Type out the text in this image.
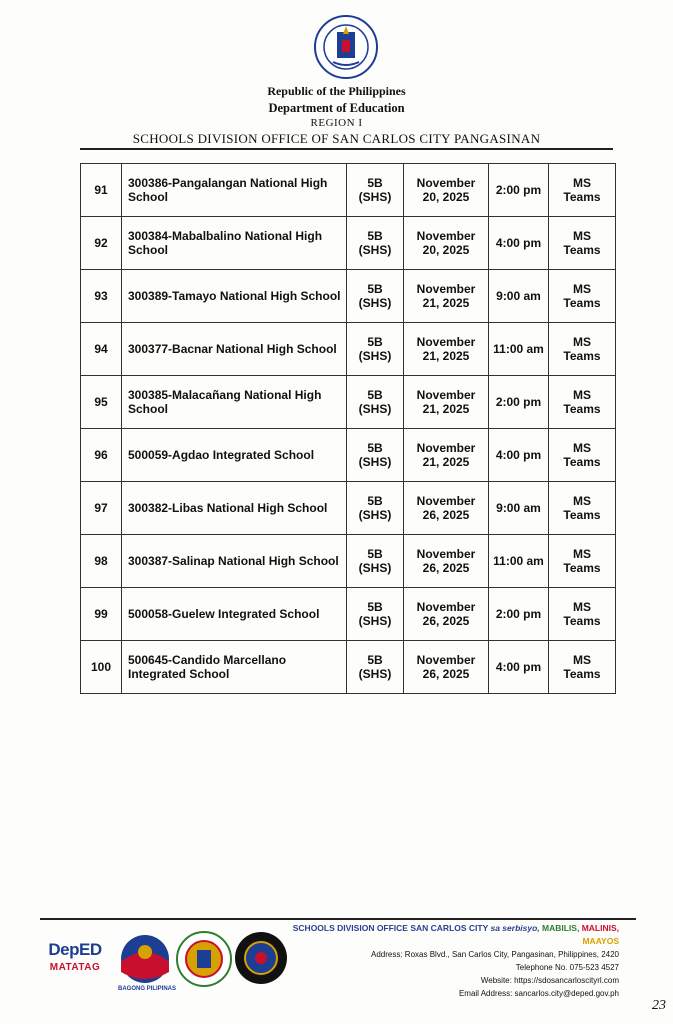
Republic of the Philippines
Department of Education
REGION I
SCHOOLS DIVISION OFFICE OF SAN CARLOS CITY PANGASINAN
91	300386-Pangalangan National High School	5B (SHS)	November 20, 2025	2:00 pm	MS Teams
92	300384-Mabalbalino National High School	5B (SHS)	November 20, 2025	4:00 pm	MS Teams
93	300389-Tamayo National High School	5B (SHS)	November 21, 2025	9:00 am	MS Teams
94	300377-Bacnar National High School	5B (SHS)	November 21, 2025	11:00 am	MS Teams
95	300385-Malacañang National High School	5B (SHS)	November 21, 2025	2:00 pm	MS Teams
96	500059-Agdao Integrated School	5B (SHS)	November 21, 2025	4:00 pm	MS Teams
97	300382-Libas National High School	5B (SHS)	November 26, 2025	9:00 am	MS Teams
98	300387-Salinap National High School	5B (SHS)	November 26, 2025	11:00 am	MS Teams
99	500058-Guelew Integrated School	5B (SHS)	November 26, 2025	2:00 pm	MS Teams
100	500645-Candido Marcellano Integrated School	5B (SHS)	November 26, 2025	4:00 pm	MS Teams
DepED
MATATAG
BAGONG PILIPINAS
SCHOOLS DIVISION OFFICE SAN CARLOS CITY sa serbisyo, MABILIS, MALINIS, MAAYOS
Address: Roxas Blvd., San Carlos City, Pangasinan, Philippines, 2420
Telephone No. 075-523 4527
Website: https://sdosancarloscityrl.com
Email Address: sancarlos.city@deped.gov.ph
23
